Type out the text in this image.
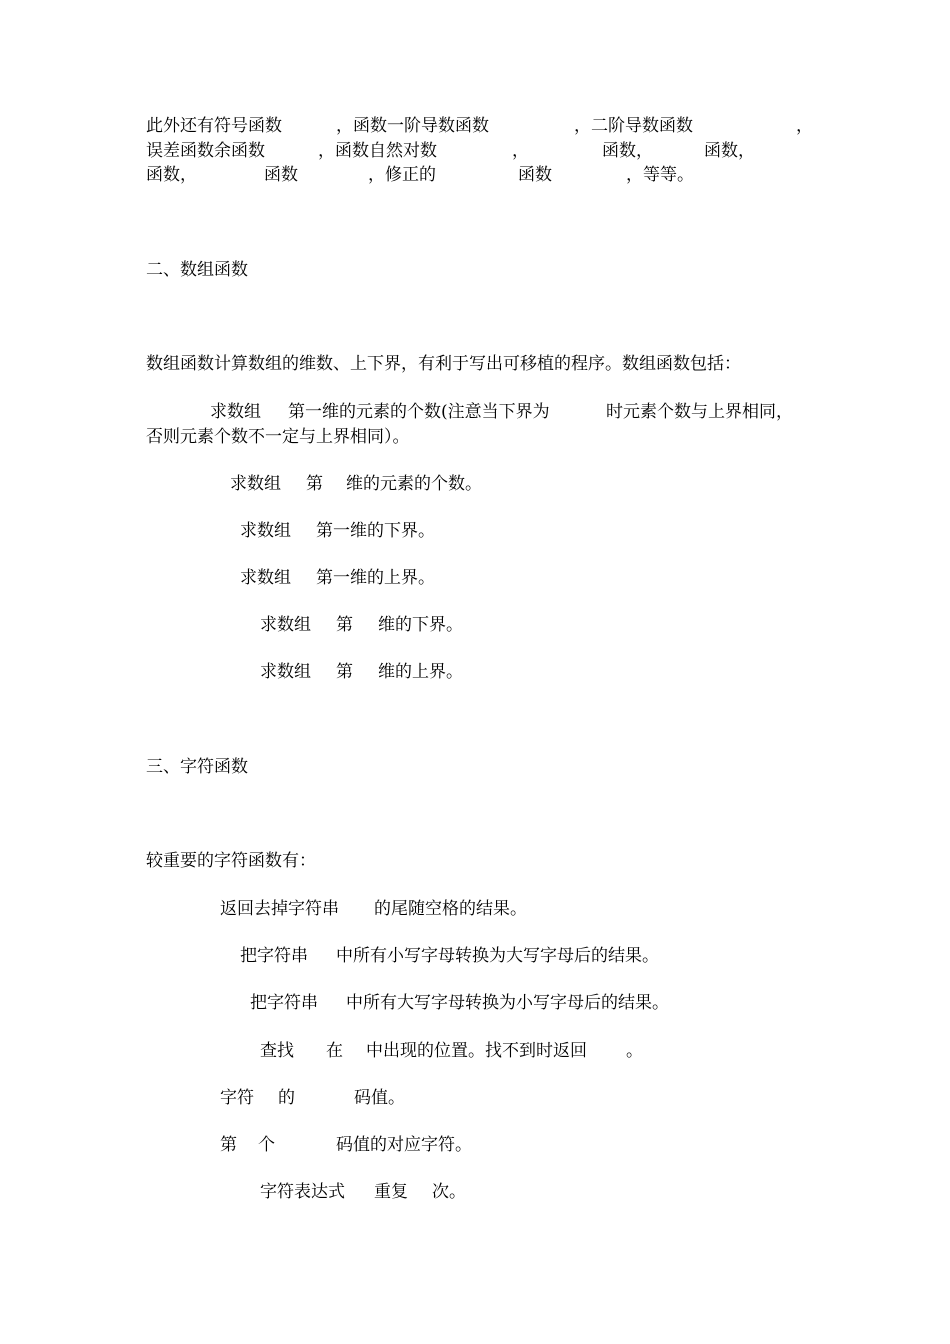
此外还有符号函数	，函数一阶导数函数	，二阶导数函数	，
误差函数余函数	，函数自然对数	，	函数，	函数，
函数，	函数	，修正的	函数	，等等。
二、数组函数
数组函数计算数组的维数、上下界，有利于写出可移植的程序。数组函数包括：
求数组 第一维的元素的个数(注意当下界为	时元素个数与上界相同，
否则元素个数不一定与上界相同）。
求数组 第 维的元素的个数。
求数组 第一维的下界。
求数组 第一维的上界。
求数组 第 维的下界。
求数组 第 维的上界。
三、字符函数
较重要的字符函数有：
返回去掉字符串 的尾随空格的结果。
把字符串 中所有小写字母转换为大写字母后的结果。
把字符串 中所有大写字母转换为小写字母后的结果。
查找 在 中出现的位置。找不到时返回 。
字符 的	码值。
第 个	码值的对应字符。
字符表达式 重复 次。
